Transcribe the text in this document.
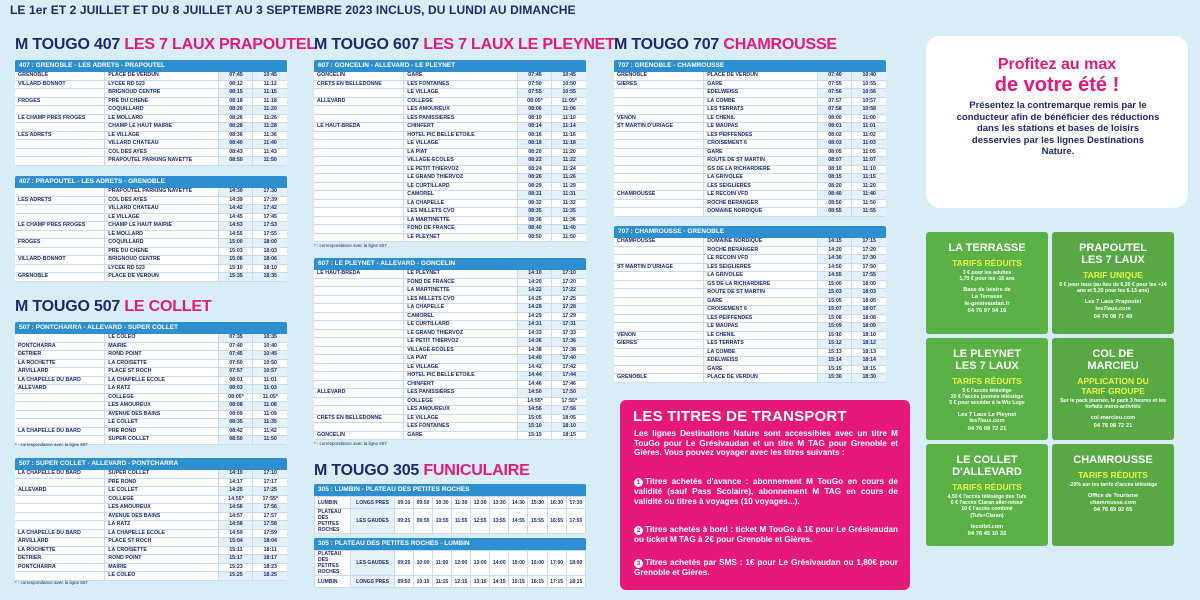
LE 1er ET 2 JUILLET ET DU 8 JUILLET AU 3 SEPTEMBRE 2023 INCLUS, DU LUNDI AU DIMANCHE
M TOUGO 407 LES 7 LAUX PRAPOUTEL
M TOUGO 507 LE COLLET
M TOUGO 607 LES 7 LAUX LE PLEYNET
M TOUGO 305 FUNICULAIRE
M TOUGO 707 CHAMROUSSE
407 : GRENOBLE - LES ADRETS - PRAPOUTEL
GRENOBLE	PLACE DE VERDUN	07:45	10:45
VILLARD-BONNOT	LYCEE RD 523	08:12	11:12
	BRIGNOUD CENTRE	08:15	11:15
FROGES	PRE DU CHENE	08:18	11:18
	COQUILLARD	08:20	11:20
LE CHAMP PRES FROGES	LE MOLLARD	08:26	11:26
	CHAMP LE HAUT MAIRIE	08:28	11:28
LES ADRETS	LE VILLAGE	08:36	11:36
	VILLARD CHÂTEAU	08:40	11:40
	COL DES AYES	08:43	11:43
	PRAPOUTEL PARKING NAVETTE	08:50	11:50
407 : PRAPOUTEL - LES ADRETS - GRENOBLE
	PRAPOUTEL PARKING NAVETTE	14:30	17:30
LES ADRETS	COL DES AYES	14:39	17:39
	VILLARD CHÂTEAU	14:42	17:42
	LE VILLAGE	14:45	17:45
LE CHAMP PRES FROGES	CHAMP LE HAUT MAIRIE	14:53	17:53
	LE MOLLARD	14:55	17:55
FROGES	COQUILLARD	15:00	18:00
	PRE DU CHENE	15:03	18:03
VILLARD-BONNOT	BRIGNOUD CENTRE	15:06	18:06
	LYCEE RD 523	15:10	18:10
GRENOBLE	PLACE DE VERDUN	15:35	18:35
507 : PONTCHARRA - ALLEVARD - SUPER COLLET
	LE COLEO	07:35	10:35
PONTCHARRA	MAIRIE	07:40	10:40
DETRIER	ROND POINT	07:45	10:45
LA ROCHETTE	LA CROISETTE	07:50	10:50
ARVILLARD	PLACE ST ROCH	07:57	10:57
LA CHAPELLE DU BARD	LA CHAPELLE ECOLE	08:01	11:01
ALLEVARD	LA RATZ	08:03	11:03
	COLLEGE	08:05*	11:05*
	LES AMOUREUX	08:08	11:08
	AVENUE DES BAINS	08:09	11:09
	LE COLLET	08:35	11:35
LA CHAPELLE DU BARD	PRE ROND	08:42	11:42
	SUPER COLLET	08:50	11:50
* : correspondance avec la ligne 607
507 : SUPER COLLET - ALLEVARD - PONTCHARRA
LA CHAPELLE DU BARD	SUPER COLLET	14:10	17:10
	PRE ROND	14:17	17:17
ALLEVARD	LE COLLET	14:25	17:25
	COLLEGE	14:55*	17:55*
	LES AMOUREUX	14:56	17:56
	AVENUE DES BAINS	14:57	17:57
	LA RATZ	14:58	17:58
LA CHAPELLE DU BARD	LA CHAPELLE ECOLE	14:59	17:59
ARVILLARD	PLACE ST ROCH	15:04	18:04
LA ROCHETTE	LA CROISETTE	15:11	18:11
DETRIER	ROND POINT	15:17	18:17
PONTCHARRA	MAIRIE	15:23	18:23
	LE COLEO	15:25	18:25
* : correspondance avec la ligne 607
607 : GONCELIN - ALLEVARD - LE PLEYNET
GONCELIN	GARE	07:45	10:45
CRETS EN BELLEDONNE	LES FONTAINES	07:50	10:50
	LE VILLAGE	07:55	10:55
ALLEVARD	COLLEGE	08:05*	11:05*
	LES AMOUREUX	08:06	11:06
	LES PANISSIERES	08:10	11:10
LE HAUT-BRÉDA	CHINFERT	08:14	11:14
	HOTEL PIC BELLE ETOILE	08:16	11:16
	LE VILLAGE	08:18	11:18
	LA PIAT	08:20	11:20
	VILLAGE-ECOLES	08:22	11:22
	LE PETIT THIERVOZ	08:24	11:24
	LE GRAND THIERVOZ	08:26	11:26
	LE CURTILLARD	08:29	11:29
	CAMOREL	08:31	11:31
	LA CHAPELLE	08:32	11:32
	LES MILLETS CVO	08:35	11:35
	LA MARTINETTE	08:36	11:36
	FOND DE FRANCE	08:40	11:40
	LE PLEYNET	08:50	11:50
* : correspondance avec la ligne 507
607 : LE PLEYNET - ALLEVARD - GONCELIN
LE HAUT-BRÉDA	LE PLEYNET	14:10	17:10
	FOND DE FRANCE	14:20	17:20
	LA MARTINETTE	14:22	17:22
	LES MILLETS CVO	14:25	17:25
	LA CHAPELLE	14:28	17:28
	CAMOREL	14:29	17:29
	LE CURTILLARD	14:31	17:31
	LE GRAND THIERVOZ	14:33	17:33
	LE PETIT THIERVOZ	14:36	17:36
	VILLAGE-ECOLES	14:38	17:38
	LA PIAT	14:40	17:40
	LE VILLAGE	14:42	17:42
	HOTEL PIC BELLE ETOILE	14:44	17:44
	CHINFERT	14:46	17:46
ALLEVARD	LES PANISSIERES	14:50	17:50
	COLLEGE	14:55*	17:55*
	LES AMOUREUX	14:56	17:56
CRETS EN BELLEDONNE	LE VILLAGE	15:05	18:05
	LES FONTAINES	15:10	18:10
GONCELIN	GARE	15:15	18:15
* : correspondance avec la ligne 507
707 : GRENOBLE - CHAMROUSSE
GRENOBLE	PLACE DE VERDUN	07:40	10:40
GIERES	GARE	07:55	10:55
	EDELWEISS	07:56	10:56
	LA COMBE	07:57	10:57
	LES TERRATS	07:58	10:58
VENON	LE CHENIL	08:00	11:00
ST MARTIN D'URIAGE	LE MAUPAS	08:01	11:01
	LES PEIFFENDES	08:02	11:02
	CROISEMENT 6	08:03	11:03
	GARE	08:05	11:05
	ROUTE DE ST MARTIN	08:07	11:07
	GS DE LA RICHARDIERE	08:10	11:10
	LA GRIVOLEE	08:15	11:15
	LES SEIGLIERES	08:20	11:20
CHAMROUSSE	LE RECOIN VFD	08:40	11:40
	ROCHE BERANGER	08:50	11:50
	DOMAINE NORDIQUE	08:55	11:55
707 : CHAMROUSSE - GRENOBLE
CHAMROUSSE	DOMAINE NORDIQUE	14:15	17:15
	ROCHE BERANGER	14:20	17:20
	LE RECOIN VFD	14:30	17:30
ST MARTIN D'URIAGE	LES SEIGLIERES	14:50	17:50
	LA GRIVOLEE	14:55	17:55
	GS DE LA RICHARDIERE	15:00	18:00
	ROUTE DE ST MARTIN	15:03	18:03
	GARE	15:05	18:05
	CROISEMENT 6	15:07	18:07
	LES PEIFFENDES	15:08	18:08
	LE MAUPAS	15:09	18:09
VENON	LE CHENIL	15:10	18:10
GIERES	LES TERRATS	15:12	18:12
	LA COMBE	15:13	18:13
	EDELWEISS	15:14	18:14
	GARE	15:15	18:15
GRENOBLE	PLACE DE VERDUN	15:30	18:30
305 : LUMBIN - PLATEAU DES PETITES ROCHES
LUMBIN	LONGS PRES	09:10	09:50	10:30	11:30	12:30	13:30	14:30	15:30	16:30	17:30
PLATEAU DES PETITES ROCHES	LES GAUDES	09:25	09:55	10:55	11:55	12:55	13:55	14:55	15:55	16:55	17:55
305 : PLATEAU DES PETITES ROCHES - LUMBIN
PLATEAU DES PETITES ROCHES	LES GAUDES	09:25	10:00	11:00	12:00	13:00	14:00	15:00	16:00	17:00	18:00
LUMBIN	LONGS PRES	09:50	10:15	11:15	12:15	13:15	14:15	15:15	16:15	17:15	18:15
LES TITRES DE TRANSPORT
Les lignes Destinations Nature sont accessibles avec un titre M TouGo pour Le Grésivaudan et un titre M TAG pour Grenoble et Gières. Vous pouvez voyager avec les titres suivants :
1 Titres achetés d'avance : abonnement M TouGo en cours de validité (sauf Pass Scolaire), abonnement M TAG en cours de validité ou titres à voyages (10 voyages...).
2 Titres achetés à bord : ticket M TouGo à 1€ pour Le Grésivaudan ou ticket M TAG à 2€ pour Grenoble et Gières.
3 Titres achetés par SMS : 1€ pour Le Grésivaudan ou 1,80€ pour Grenoble et Gières.
Profitez au max
de votre été !
Présentez la contremarque remis par le conducteur afin de bénéficier des réductions dans les stations et bases de loisirs desservies par les lignes Destinations Nature.
LA TERRASSE
TARIFS RÉDUITS
3 € pour les adultes
1,70 € pour les -16 ans
Base de loisirs de
La Terrasse
le-gresivaudan.fr
04 76 97 94 16
PRAPOUTEL
LES 7 LAUX
TARIF UNIQUE
6 € pour tous (au lieu de 6,20 € pour les +14 ans et 5,20 pour les 6-13 ans)
Les 7 Laux Prapoutel
les7laux.com
04 76 08 71 49
LE PLEYNET
LES 7 LAUX
TARIFS RÉDUITS
5 € l'accès télésiège
20 € l'accès journée télésiège
5 € pour accéder à la Wiz Luge
Les 7 Laux Le Pleynet
les7laux.com
04 76 08 72 21
COL DE
MARCIEU
APPLICATION DU
TARIF GROUPE
Sur le pack journée, le pack 3 heures et les forfaits mono-activités
col-marcieu.com
04 76 08 72 21
LE COLLET
D'ALLEVARD
TARIFS RÉDUITS
4,50 € l'accès télésiège des Tufs
6 € l'accès Claran aller-retour
10 € l'accès combiné
(Tufs+Claran)
lecollet.com
04 76 45 10 32
CHAMROUSSE
TARIFS RÉDUITS
-20% sur les tarifs d'accès télésiège
Office de Tourisme
chamrousse.com
04 76 89 92 65
